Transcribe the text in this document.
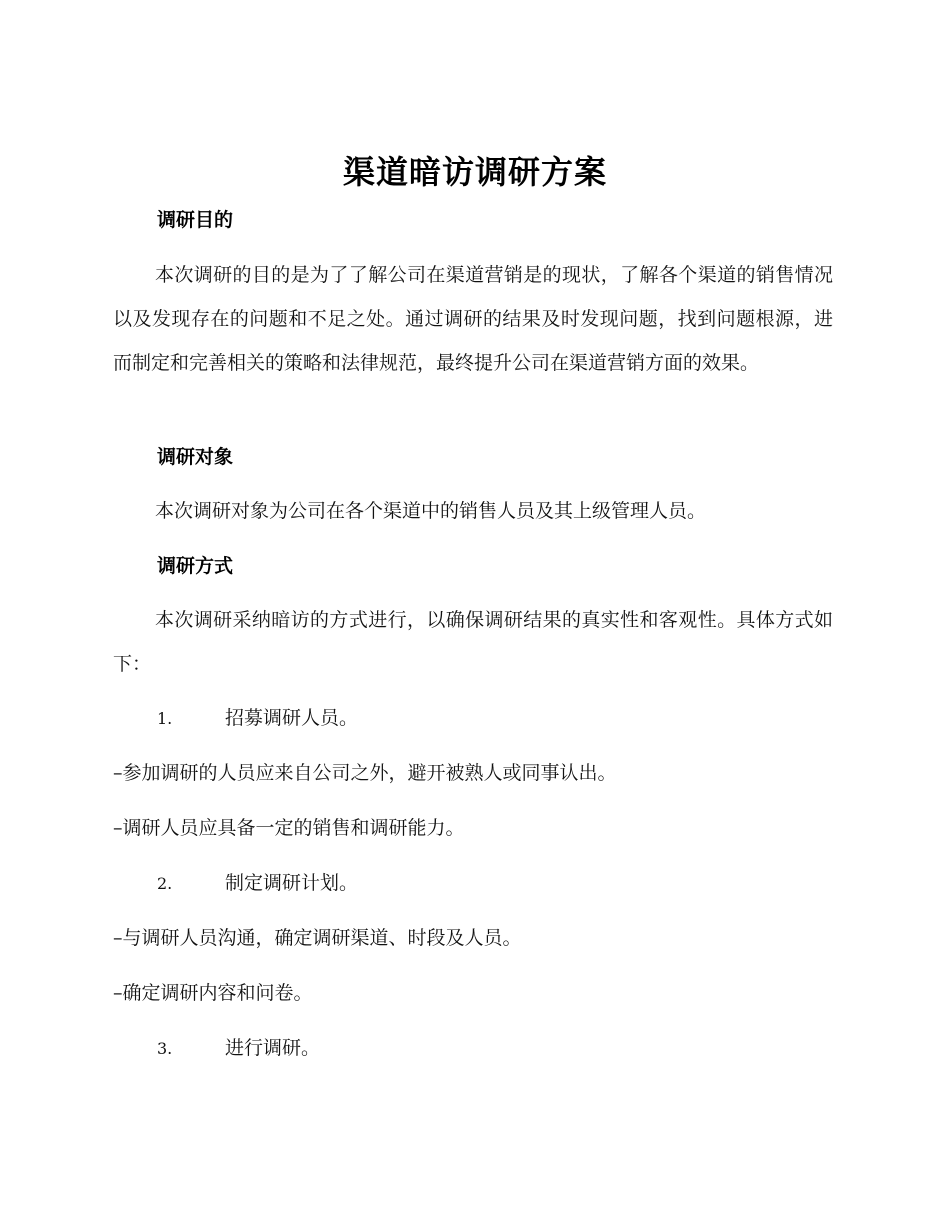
渠道暗访调研方案
调研目的

本次调研的目的是为了了解公司在渠道营销是的现状，了解各个渠道的销售情况以及发现存在的问题和不足之处。通过调研的结果及时发现问题，找到问题根源，进而制定和完善相关的策略和法律规范，最终提升公司在渠道营销方面的效果。

调研对象

本次调研对象为公司在各个渠道中的销售人员及其上级管理人员。

调研方式

本次调研采纳暗访的方式进行，以确保调研结果的真实性和客观性。具体方式如下：

1.	招募调研人员。
–参加调研的人员应来自公司之外，避开被熟人或同事认出。
–调研人员应具备一定的销售和调研能力。
2.	制定调研计划。
–与调研人员沟通，确定调研渠道、时段及人员。
–确定调研内容和问卷。
3.	进行调研。
